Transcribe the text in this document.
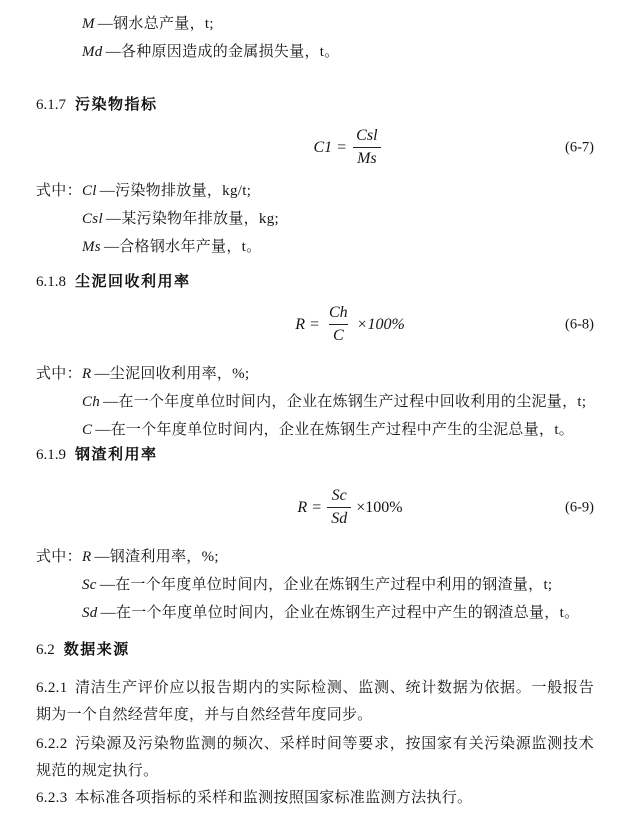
M —钢水总产量，t;
Md —各种原因造成的金属损失量，t。
6.1.7 污染物指标
$C1 = \frac{\text{Csl}}{Ms}$	(6-7)
式中： Cl —污染物排放量，kg/t;
Csl —某污染物年排放量，kg;
Ms —合格钢水年产量，t。
6.1.8 尘泥回收利用率
$R = \frac{Ch}{C} \times 100\%$	(6-8)
式中： R —尘泥回收利用率，%;
Ch —在一个年度单位时间内，企业在炼钢生产过程中回收利用的尘泥量，t;
C —在一个年度单位时间内，企业在炼钢生产过程中产生的尘泥总量，t。
6.1.9 钢渣利用率
$R = \frac{Sc}{Sd} \times 100\%$	(6-9)
式中： R —钢渣利用率，%;
Sc —在一个年度单位时间内，企业在炼钢生产过程中利用的钢渣量，t;
Sd —在一个年度单位时间内，企业在炼钢生产过程中产生的钢渣总量，t。
6.2 数据来源

6.2.1 清洁生产评价应以报告期内的实际检测、监测、统计数据为依据。一般报告期为一个自然经营年度，并与自然经营年度同步。

6.2.2 污染源及污染物监测的频次、采样时间等要求，按国家有关污染源监测技术规范的规定执行。

6.2.3 本标准各项指标的采样和监测按照国家标准监测方法执行。
